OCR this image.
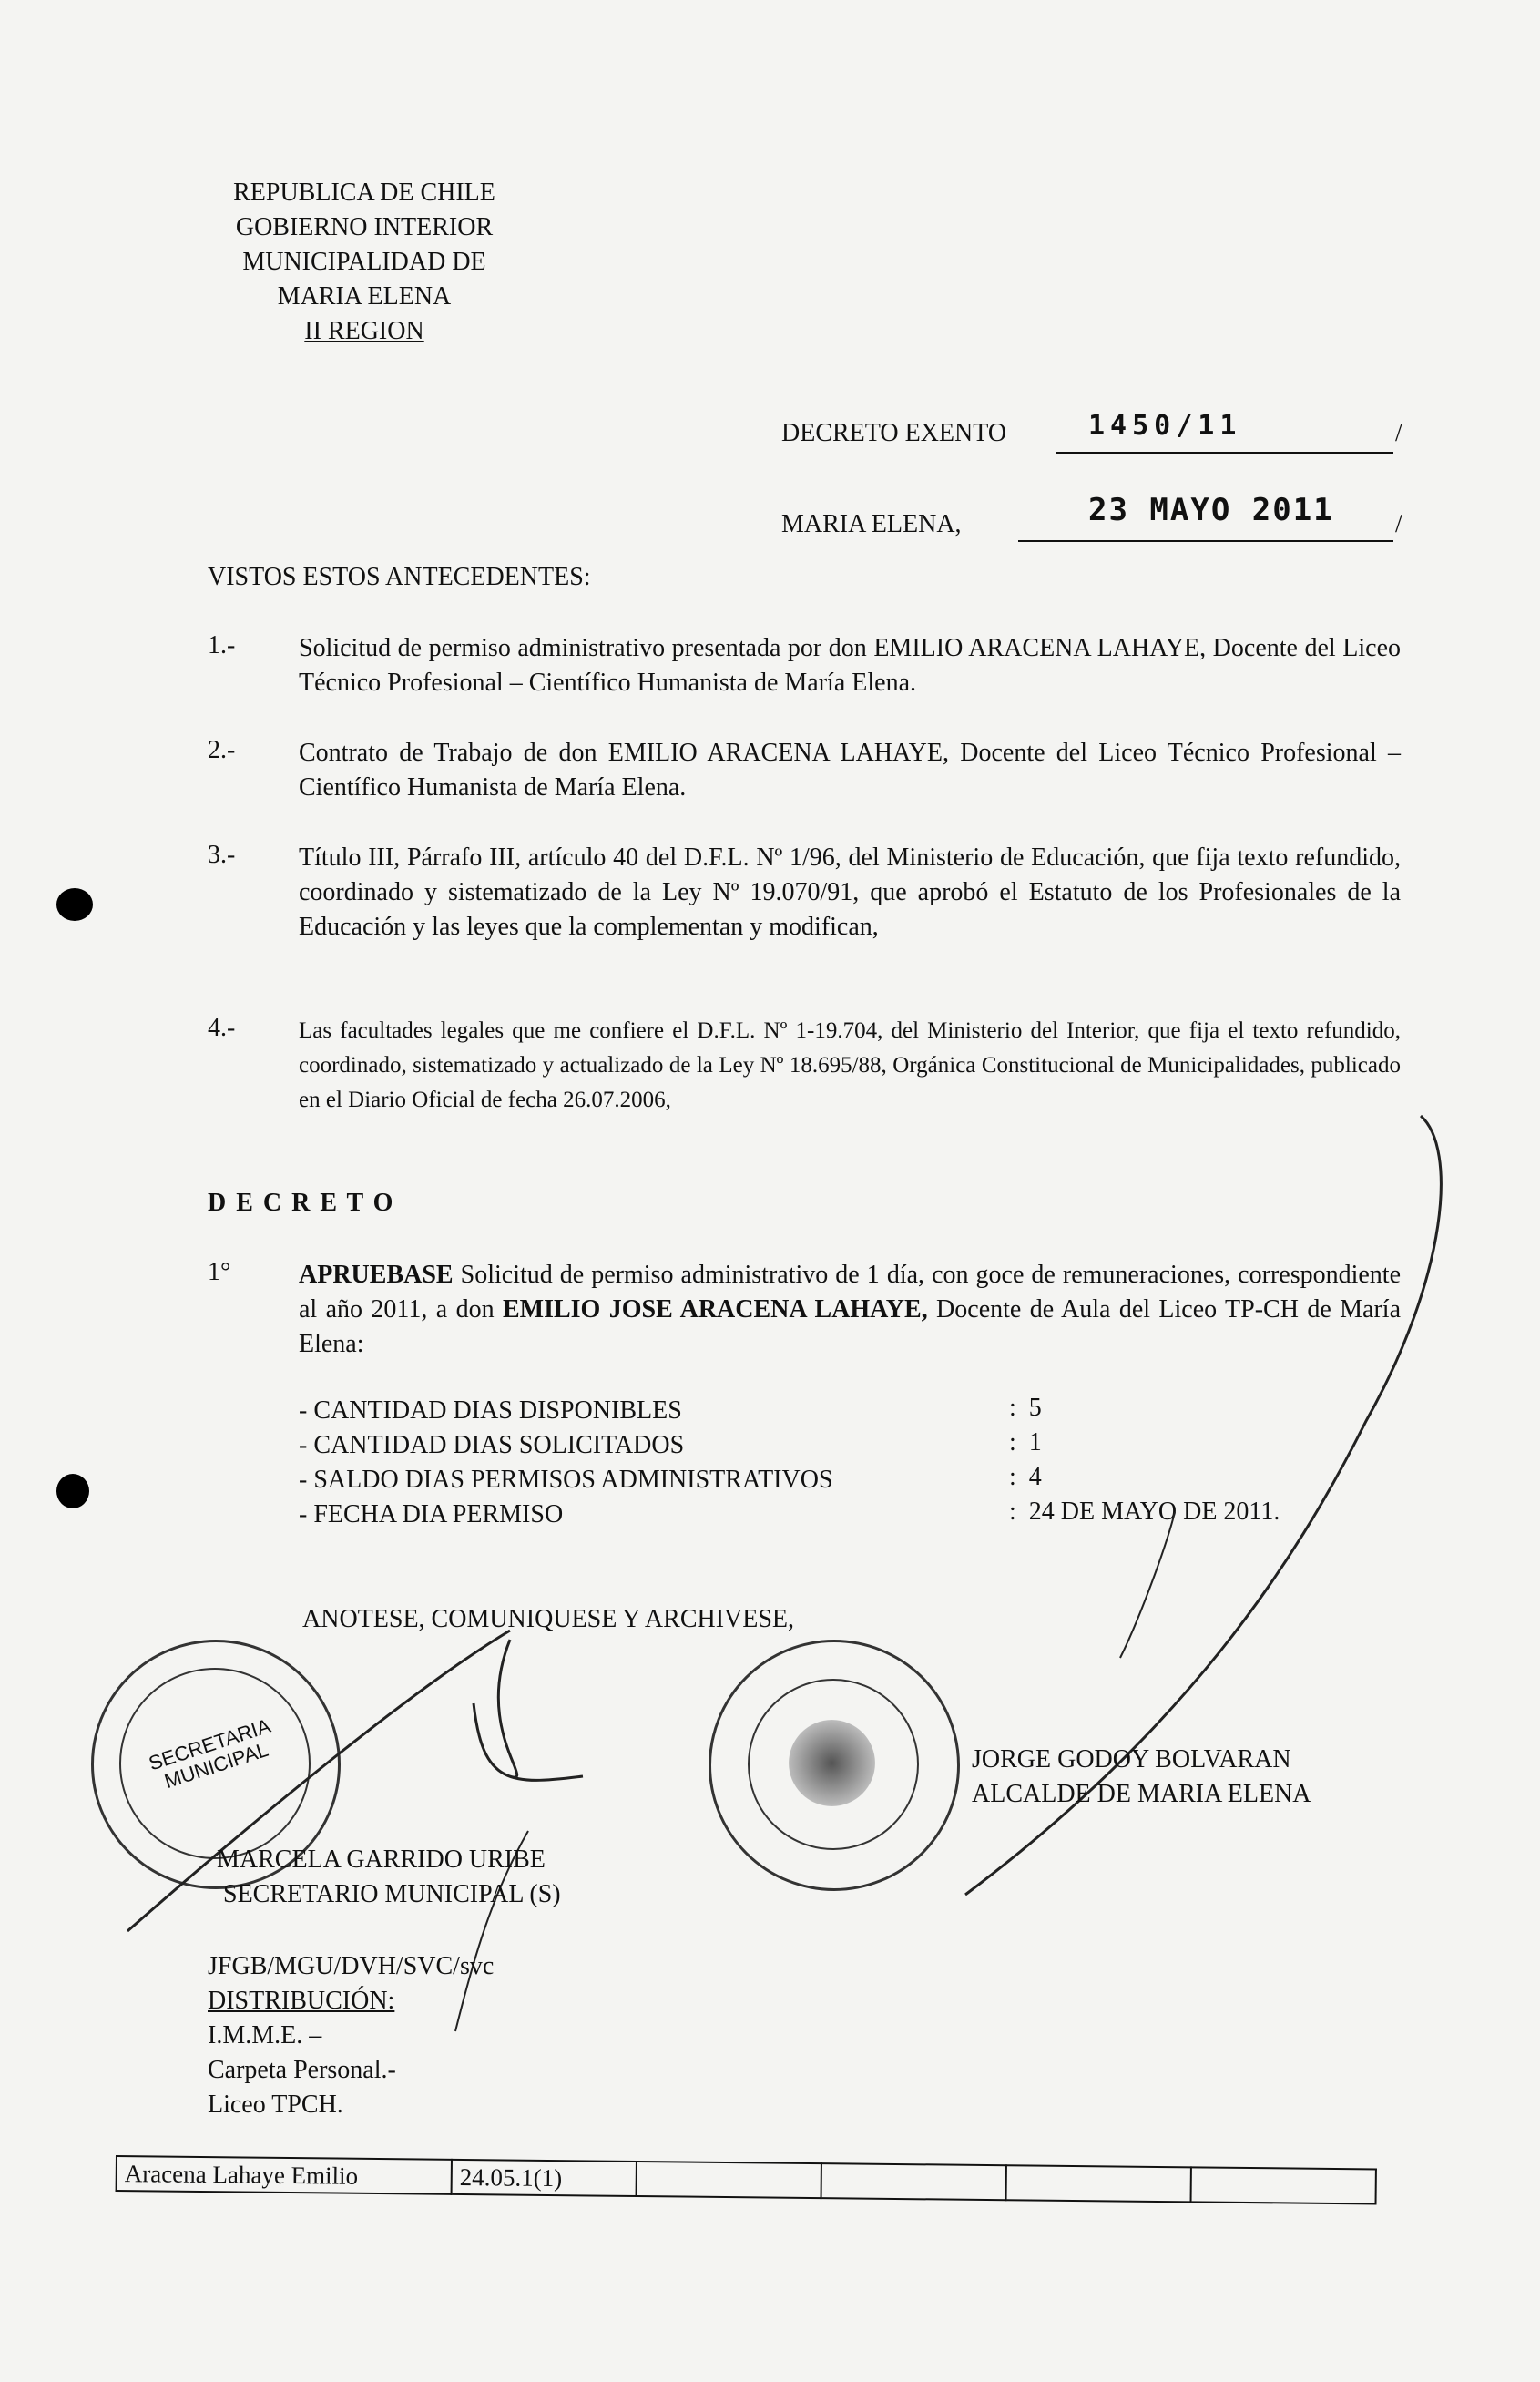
REPUBLICA DE CHILE
GOBIERNO INTERIOR
MUNICIPALIDAD DE
MARIA ELENA
II REGION
DECRETO EXENTO	1450/11	/
MARIA ELENA,	23 MAYO 2011 /
VISTOS ESTOS ANTECEDENTES:
1.- Solicitud de permiso administrativo presentada por don EMILIO ARACENA LAHAYE, Docente del Liceo Técnico Profesional – Científico Humanista de María Elena.
2.- Contrato de Trabajo de don EMILIO ARACENA LAHAYE, Docente del Liceo Técnico Profesional – Científico Humanista de María Elena.
3.- Título III, Párrafo III, artículo 40 del D.F.L. Nº 1/96, del Ministerio de Educación, que fija texto refundido, coordinado y sistematizado de la Ley Nº 19.070/91, que aprobó el Estatuto de los Profesionales de la Educación y las leyes que la complementan y modifican,
4.-	Las facultades legales que me confiere el D.F.L. Nº 1-19.704, del Ministerio del Interior, que fija el texto refundido, coordinado, sistematizado y actualizado de la Ley Nº 18.695/88, Orgánica Constitucional de Municipalidades, publicado en el Diario Oficial de fecha 26.07.2006,
D E C R E T O
1°	APRUEBASE Solicitud de permiso administrativo de 1 día, con goce de remuneraciones, correspondiente al año 2011, a don EMILIO JOSE ARACENA LAHAYE, Docente de Aula del Liceo TP-CH de María Elena:
- CANTIDAD DIAS DISPONIBLES	:  5
- CANTIDAD DIAS SOLICITADOS	:  1
- SALDO DIAS PERMISOS ADMINISTRATIVOS	:  4
- FECHA DIA PERMISO	:  24 DE MAYO DE 2011.
ANOTESE, COMUNIQUESE Y ARCHIVESE,
SECRETARIA MUNICIPAL
MARCELA GARRIDO URIBE
SECRETARIO MUNICIPAL (S)
JORGE GODOY BOLVARAN
ALCALDE DE MARIA ELENA
JFGB/MGU/DVH/SVC/svc
DISTRIBUCIÓN:
I.M.M.E. –
Carpeta Personal.-
Liceo TPCH.
Aracena Lahaye Emilio	24.05.1(1)				
